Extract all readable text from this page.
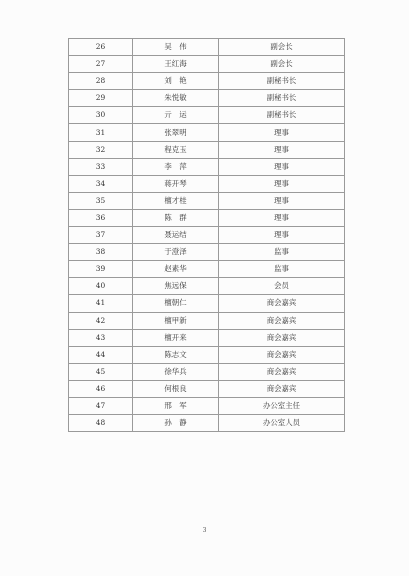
26	吴　伟	副会长
27	王红海	副会长
28	刘　艳	副秘书长
29	朱悦敏	副秘书长
30	亓　运	副秘书长
31	张翠明	理事
32	程克玉	理事
33	李　萍	理事
34	蒋开琴	理事
35	檀才桂	理事
36	陈　群	理事
37	聂运结	理事
38	于澄泽	监事
39	赵素华	监事
40	焦远保	会员
41	檀朝仁	商会嘉宾
42	檀甲新	商会嘉宾
43	檀开来	商会嘉宾
44	陈志文	商会嘉宾
45	徐华兵	商会嘉宾
46	何根良	商会嘉宾
47	邢　军	办公室主任
48	孙　静	办公室人员
3
